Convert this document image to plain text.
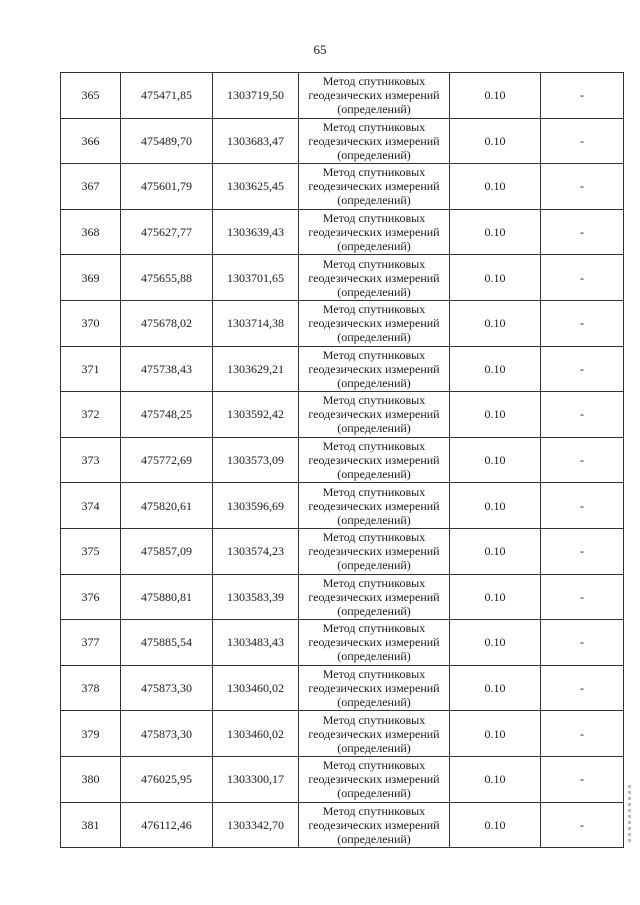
65
365	475471,85	1303719,50	Метод спутниковых геодезических измерений (определений)	0.10	-
366	475489,70	1303683,47	Метод спутниковых геодезических измерений (определений)	0.10	-
367	475601,79	1303625,45	Метод спутниковых геодезических измерений (определений)	0.10	-
368	475627,77	1303639,43	Метод спутниковых геодезических измерений (определений)	0.10	-
369	475655,88	1303701,65	Метод спутниковых геодезических измерений (определений)	0.10	-
370	475678,02	1303714,38	Метод спутниковых геодезических измерений (определений)	0.10	-
371	475738,43	1303629,21	Метод спутниковых геодезических измерений (определений)	0.10	-
372	475748,25	1303592,42	Метод спутниковых геодезических измерений (определений)	0.10	-
373	475772,69	1303573,09	Метод спутниковых геодезических измерений (определений)	0.10	-
374	475820,61	1303596,69	Метод спутниковых геодезических измерений (определений)	0.10	-
375	475857,09	1303574,23	Метод спутниковых геодезических измерений (определений)	0.10	-
376	475880,81	1303583,39	Метод спутниковых геодезических измерений (определений)	0.10	-
377	475885,54	1303483,43	Метод спутниковых геодезических измерений (определений)	0.10	-
378	475873,30	1303460,02	Метод спутниковых геодезических измерений (определений)	0.10	-
379	475873,30	1303460,02	Метод спутниковых геодезических измерений (определений)	0.10	-
380	476025,95	1303300,17	Метод спутниковых геодезических измерений (определений)	0.10	-
381	476112,46	1303342,70	Метод спутниковых геодезических измерений (определений)	0.10	-
